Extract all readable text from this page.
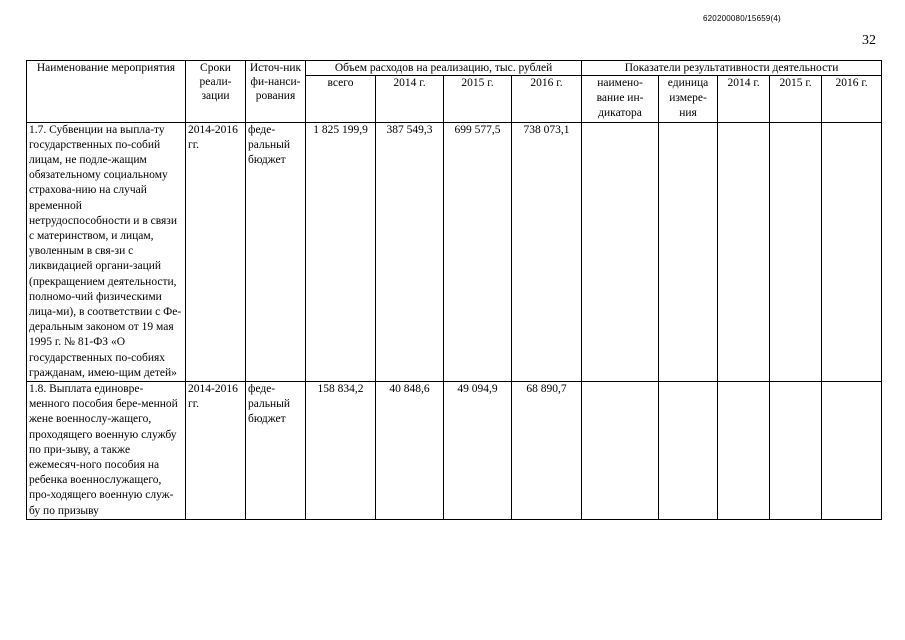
620200080/15659(4)
32
Наименование мероприятия	Сроки реали-зации	Источ-ник фи-нанси-рования	Объем расходов на реализацию, тыс. рублей				Показатели результативности деятельности				
			всего	2014 г.	2015 г.	2016 г.	наимено-вание ин-дикатора	единица измере-ния	2014 г.	2015 г.	2016 г.
1.7. Субвенции на выпла-ту государственных по-собий лицам, не подле-жащим обязательному социальному страхова-нию на случай временной нетрудоспособности и в связи с материнством, и лицам, уволенным в свя-зи с ликвидацией органи-заций (прекращением деятельности, полномо-чий физическими лица-ми), в соответствии с Фе-деральным законом от 19 мая 1995 г. № 81-ФЗ «О государственных по-собиях гражданам, имею-щим детей»	2014-2016 гг.	феде-ральный бюджет	1 825 199,9	387 549,3	699 577,5	738 073,1					
1.8. Выплата единовре-менного пособия бере-менной жене военнослу-жащего, проходящего военную службу по при-зыву, а также ежемесяч-ного пособия на ребенка военнослужащего, про-ходящего военную служ-бу по призыву	2014-2016 гг.	феде-ральный бюджет	158 834,2	40 848,6	49 094,9	68 890,7					
